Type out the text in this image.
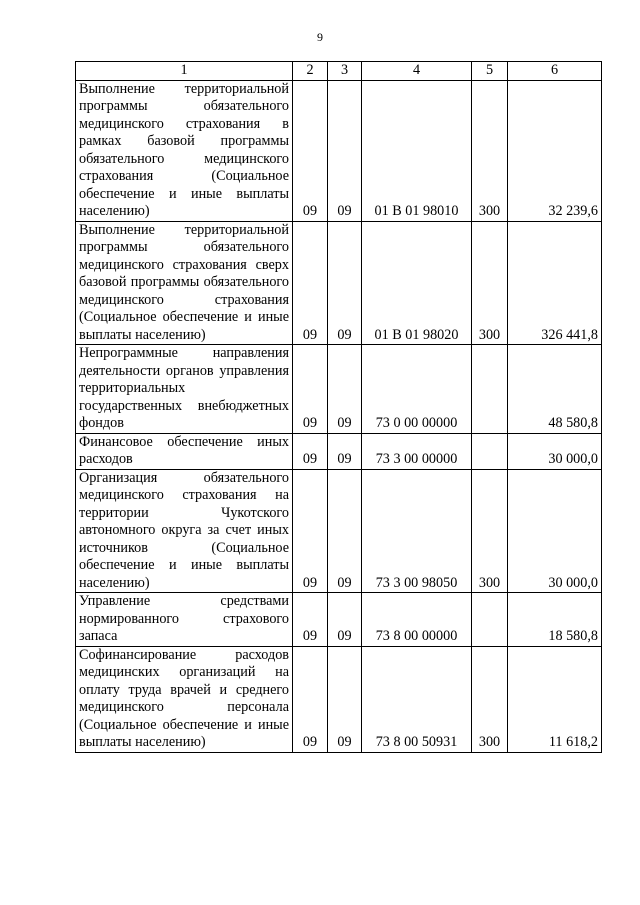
9
1	2	3	4	5	6
Выполнение территориальной программы обязательного медицинского страхования в рамках базовой программы обязательного медицинского страхования (Социальное обеспечение и иные выплаты населению)	09	09	01 В 01 98010	300	32 239,6
Выполнение территориальной программы обязательного медицинского страхования сверх базовой программы обязательного медицинского страхования (Социальное обеспечение и иные выплаты населению)	09	09	01 В 01 98020	300	326 441,8
Непрограммные направления деятельности органов управления территориальных государственных внебюджетных фондов	09	09	73 0 00 00000		48 580,8
Финансовое обеспечение иных расходов	09	09	73 3 00 00000		30 000,0
Организация обязательного медицинского страхования на территории Чукотского автономного округа за счет иных источников (Социальное обеспечение и иные выплаты населению)	09	09	73 3 00 98050	300	30 000,0
Управление средствами нормированного страхового запаса	09	09	73 8 00 00000		18 580,8
Софинансирование расходов медицинских организаций на оплату труда врачей и среднего медицинского персонала (Социальное обеспечение и иные выплаты населению)	09	09	73 8 00 50931	300	11 618,2
